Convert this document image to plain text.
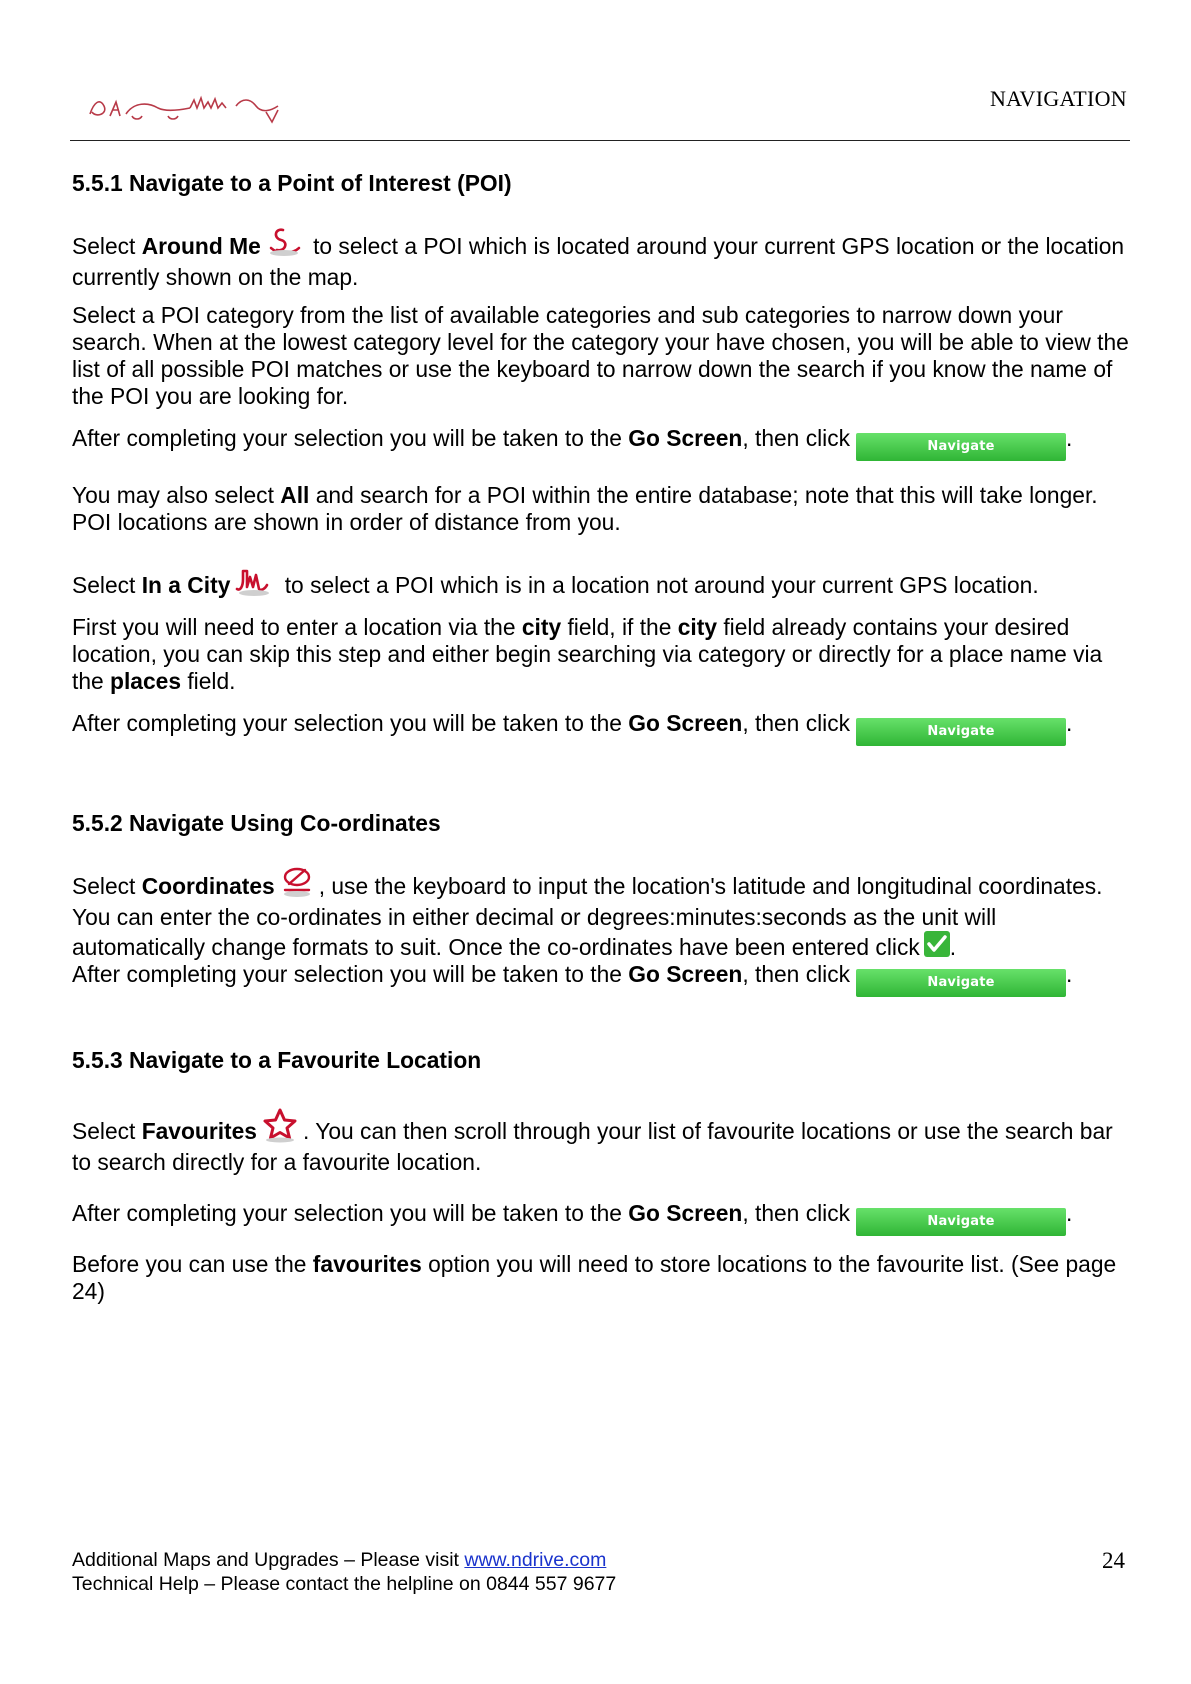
NAVIGATION
5.5.1 Navigate to a Point of Interest (POI)

Select Around Me to select a POI which is located around your current GPS location or the location currently shown on the map.

Select a POI category from the list of available categories and sub categories to narrow down your search. When at the lowest category level for the category your have chosen, you will be able to view the list of all possible POI matches or use the keyboard to narrow down the search if you know the name of the POI you are looking for.

After completing your selection you will be taken to the Go Screen, then click	Navigate	.

You may also select All and search for a POI within the entire database; note that this will take longer. POI locations are shown in order of distance from you.

Select In a City to select a POI which is in a location not around your current GPS location.

First you will need to enter a location via the city field, if the city field already contains your desired location, you can skip this step and either begin searching via category or directly for a place name via the places field.

After completing your selection you will be taken to the Go Screen, then click	Navigate	.

5.5.2 Navigate Using Co-ordinates

Select Coordinates , use the keyboard to input the location's latitude and longitudinal coordinates. You can enter the co-ordinates in either decimal or degrees:minutes:seconds as the unit will automatically change formats to suit. Once the co-ordinates have been entered click .

After completing your selection you will be taken to the Go Screen, then click	Navigate	.

5.5.3 Navigate to a Favourite Location

Select Favourites . You can then scroll through your list of favourite locations or use the search bar to search directly for a favourite location.

After completing your selection you will be taken to the Go Screen, then click	Navigate	.

Before you can use the favourites option you will need to store locations to the favourite list. (See page 24)

Additional Maps and Upgrades – Please visit www.ndrive.com
Technical Help – Please contact the helpline on 0844 557 9677
24
